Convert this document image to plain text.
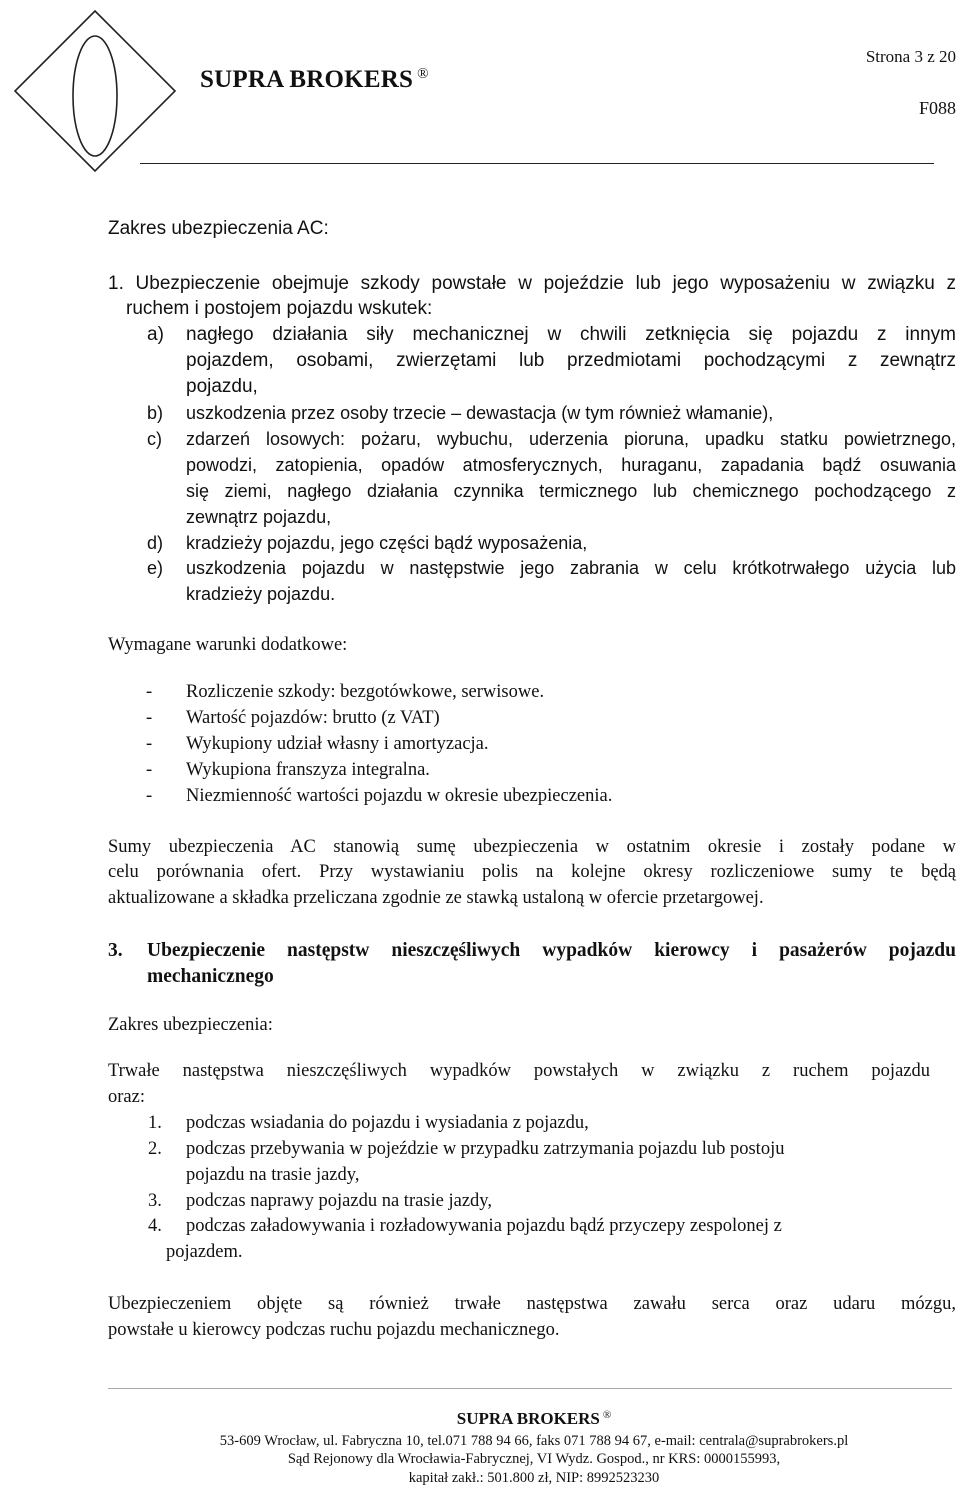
SUPRA BROKERS ®
Strona 3 z 20
F088
Zakres ubezpieczenia AC:
1. Ubezpieczenie obejmuje szkody powstałe w pojeździe lub jego wyposażeniu w związku z
ruchem i postojem pojazdu wskutek:
a) nagłego działania siły mechanicznej w chwili zetknięcia się pojazdu z innym
pojazdem, osobami, zwierzętami lub przedmiotami pochodzącymi z zewnątrz
pojazdu,
b) uszkodzenia przez osoby trzecie – dewastacja (w tym również włamanie),
c) zdarzeń losowych: pożaru, wybuchu, uderzenia pioruna, upadku statku powietrznego,
powodzi, zatopienia, opadów atmosferycznych, huraganu, zapadania bądź osuwania
się ziemi, nagłego działania czynnika termicznego lub chemicznego pochodzącego z
zewnątrz pojazdu,
d) kradzieży pojazdu, jego części bądź wyposażenia,
e) uszkodzenia pojazdu w następstwie jego zabrania w celu krótkotrwałego użycia lub
kradzieży pojazdu.
Wymagane warunki dodatkowe:
- Rozliczenie szkody: bezgotówkowe, serwisowe.
- Wartość pojazdów: brutto (z VAT)
- Wykupiony udział własny i amortyzacja.
- Wykupiona franszyza integralna.
- Niezmienność wartości pojazdu w okresie ubezpieczenia.
Sumy ubezpieczenia AC stanowią sumę ubezpieczenia w ostatnim okresie i zostały podane w
celu porównania ofert. Przy wystawianiu polis na kolejne okresy rozliczeniowe sumy te będą
aktualizowane a składka przeliczana zgodnie ze stawką ustaloną w ofercie przetargowej.
3. Ubezpieczenie następstw nieszczęśliwych wypadków kierowcy i pasażerów pojazdu
mechanicznego
Zakres ubezpieczenia:
Trwałe następstwa nieszczęśliwych wypadków powstałych w związku z ruchem pojazdu
oraz:
1. podczas wsiadania do pojazdu i wysiadania z pojazdu,
2. podczas przebywania w pojeździe w przypadku zatrzymania pojazdu lub postoju
pojazdu na trasie jazdy,
3. podczas naprawy pojazdu na trasie jazdy,
4. podczas załadowywania i rozładowywania pojazdu bądź przyczepy zespolonej z
pojazdem.
Ubezpieczeniem objęte są również trwałe następstwa zawału serca oraz udaru mózgu,
powstałe u kierowcy podczas ruchu pojazdu mechanicznego.
SUPRA BROKERS ®
53-609 Wrocław, ul. Fabryczna 10, tel.071 788 94 66, faks 071 788 94 67, e-mail: centrala@suprabrokers.pl
Sąd Rejonowy dla Wrocławia-Fabrycznej, VI Wydz. Gospod., nr KRS: 0000155993,
kapitał zakł.: 501.800 zł, NIP: 8992523230
